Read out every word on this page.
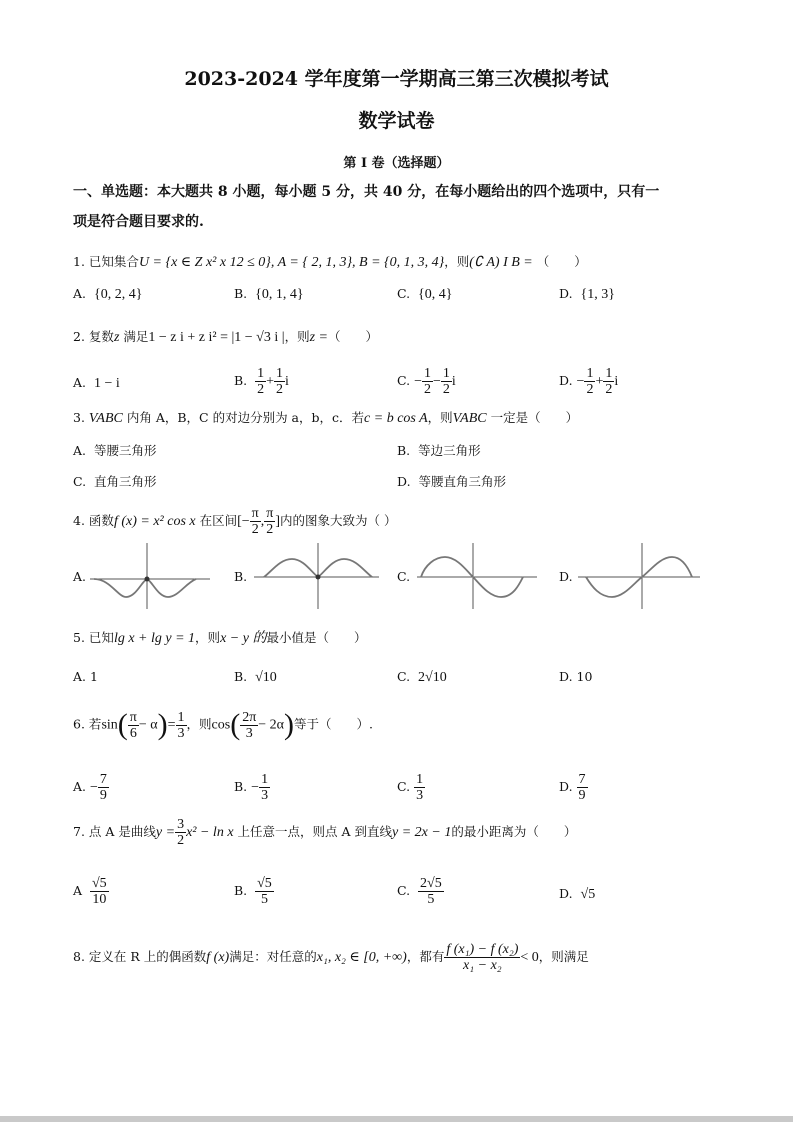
2023-2024 学年度第一学期高三第三次模拟考试
数学试卷
第 I 卷（选择题）
一、单选题：本大题共 8 小题，每小题 5 分，共 40 分，在每小题给出的四个选项中，只有一
项是符合题目要求的.
1. 已知集合U = {x ∈ Z x² x 12 ≤ 0}, A = { 2, 1, 3}, B = {0, 1, 3, 4}，则(∁ A) I B = （　　）
A. {0, 2, 4}	B. {0, 1, 4}	C. {0, 4}	D. {1, 3}
2. 复数z 满足1 − z i + z i² = |1 − √3 i |，则z =（　　）
A. 1 − i	B. $\frac{1}{2} + \frac{1}{2}$ i	C. − $\frac{1}{2} - \frac{1}{2}$ i	D. − $\frac{1}{2} + \frac{1}{2}$ i
3. VABC 内角 A，B，C 的对边分别为 a，b，c．若c = b cos A，则VABC 一定是（　　）
A. 等腰三角形	B. 等边三角形
C. 直角三角形	D. 等腰直角三角形
4. 函数f (x) = x² cos x 在区间[− $\frac{\pi}{2}$ , $\frac{\pi}{2}$ ]内的图象大致为（ ）
A.	B.	C.	D.
5. 已知lg x + lg y = 1，则x − y 的最小值是（　　）
A. 1	B. √10	C. 2√10	D. 10
6. 若$\sin( \frac{\pi}{6} - \alpha)= \frac{1}{3}$ ，则$\cos( \frac{2\pi}{3} - 2\alpha)$等于（　　）.
A. − $\frac{7}{9}$	B. − $\frac{1}{3}$	C. $\frac{1}{3}$	D. $\frac{7}{9}$
7. 点 A 是曲线$y = \frac{3}{2} x^2 - \ln x$ 上任意一点，则点 A 到直线y = 2x − 1的最小距离为（　　）
A $\frac{√5}{10}$	B. $\frac{√5}{5}$	C. $\frac{2√5}{5}$	D. √5
8. 定义在 R 上的偶函数f (x)满足：对任意的x₁, x₂ ∈ [0, +∞)，都有 $\frac{\text{f (x₁) − f (x₂)}}{\text{x₁ − x₂}} < 0$，则满足
